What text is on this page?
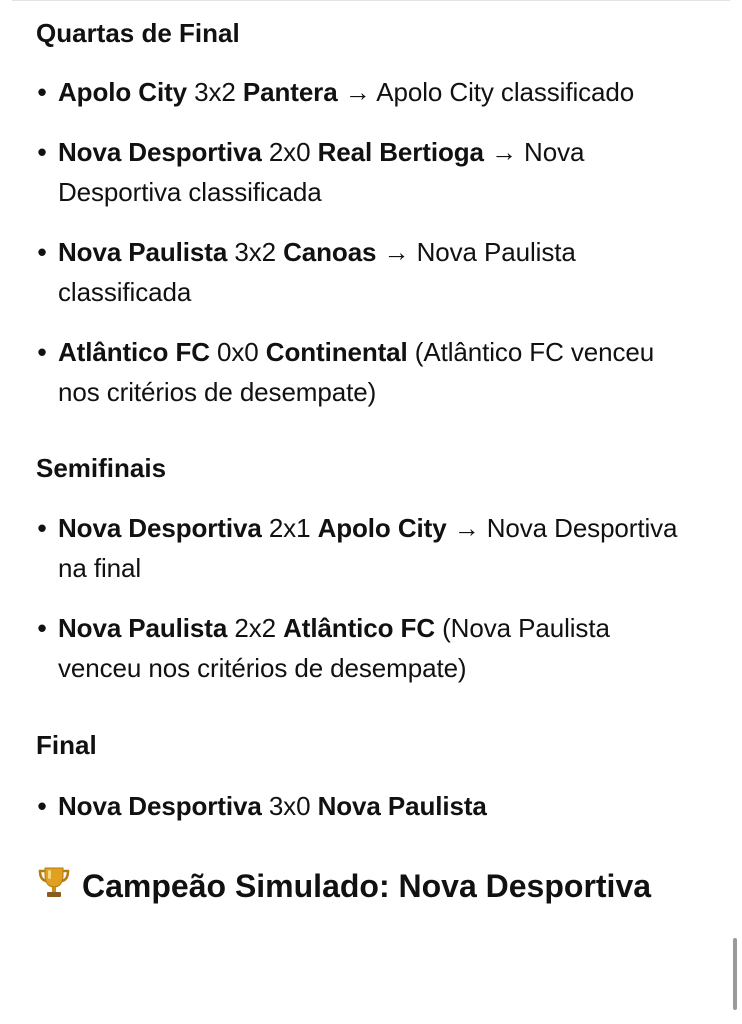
Quartas de Final
• Apolo City 3x2 Pantera → Apolo City classificado
• Nova Desportiva 2x0 Real Bertioga → Nova Desportiva classificada
• Nova Paulista 3x2 Canoas → Nova Paulista classificada
• Atlântico FC 0x0 Continental (Atlântico FC venceu nos critérios de desempate)
Semifinais
• Nova Desportiva 2x1 Apolo City → Nova Desportiva na final
• Nova Paulista 2x2 Atlântico FC (Nova Paulista venceu nos critérios de desempate)
Final
• Nova Desportiva 3x0 Nova Paulista
Campeão Simulado: Nova Desportiva
